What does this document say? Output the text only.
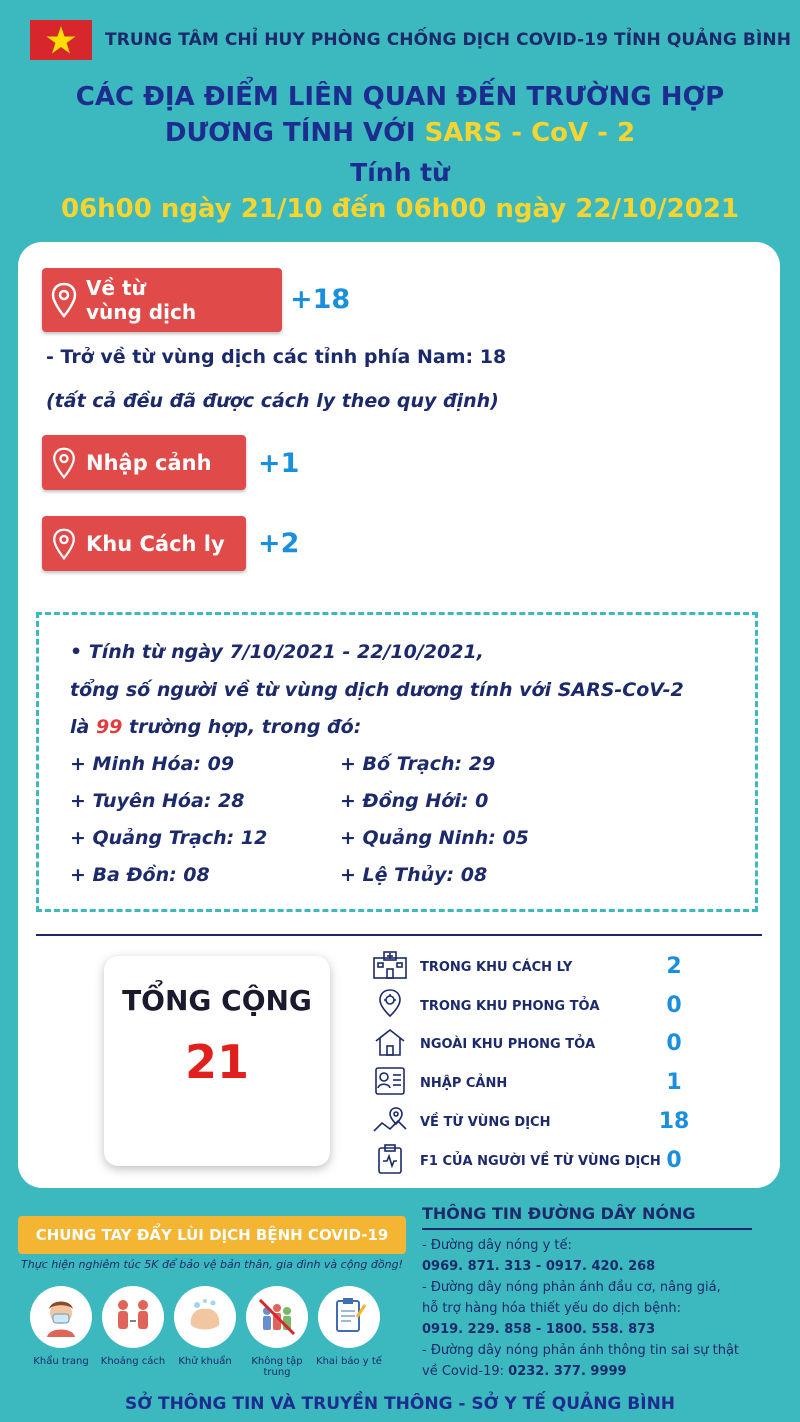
TRUNG TÂM CHỈ HUY PHÒNG CHỐNG DỊCH COVID-19 TỈNH QUẢNG BÌNH
CÁC ĐỊA ĐIỂM LIÊN QUAN ĐẾN TRƯỜNG HỢP
DƯƠNG TÍNH VỚI SARS - CoV - 2
Tính từ
06h00 ngày 21/10 đến 06h00 ngày 22/10/2021
Về từ
vùng dịch	+18
- Trở về từ vùng dịch các tỉnh phía Nam: 18
(tất cả đều đã được cách ly theo quy định)
Nhập cảnh +1
Khu Cách ly +2
• Tính từ ngày 7/10/2021 - 22/10/2021,
tổng số người về từ vùng dịch dương tính với SARS-CoV-2
là 99 trường hợp, trong đó:
+ Minh Hóa: 09	+ Bố Trạch: 29
+ Tuyên Hóa: 28	+ Đồng Hới: 0
+ Quảng Trạch: 12	+ Quảng Ninh: 05
+ Ba Đồn: 08	+ Lệ Thủy: 08
TỔNG CỘNG
21
TRONG KHU CÁCH LY	2
TRONG KHU PHONG TỎA	0
NGOÀI KHU PHONG TỎA	0
NHẬP CẢNH	1
VỀ TỪ VÙNG DỊCH	18
F1 CỦA NGƯỜI VỀ TỪ VÙNG DỊCH 0
CHUNG TAY ĐẨY LÙI DỊCH BỆNH COVID-19
Thực hiện nghiêm túc 5K để bảo vệ bản thân, gia đình và cộng đồng!
Khẩu trang	Khoảng cách	Khử khuẩn	Không tập trung
Khai báo y tế
THÔNG TIN ĐƯỜNG DÂY NÓNG
- Đường dây nóng y tế:
0969. 871. 313 - 0917. 420. 268
- Đường dây nóng phản ánh đầu cơ, nâng giá,
hỗ trợ hàng hóa thiết yếu do dịch bệnh:
0919. 229. 858 - 1800. 558. 873
- Đường dây nóng phản ánh thông tin sai sự thật
về Covid-19: 0232. 377. 9999
SỞ THÔNG TIN VÀ TRUYỀN THÔNG - SỞ Y TẾ QUẢNG BÌNH
